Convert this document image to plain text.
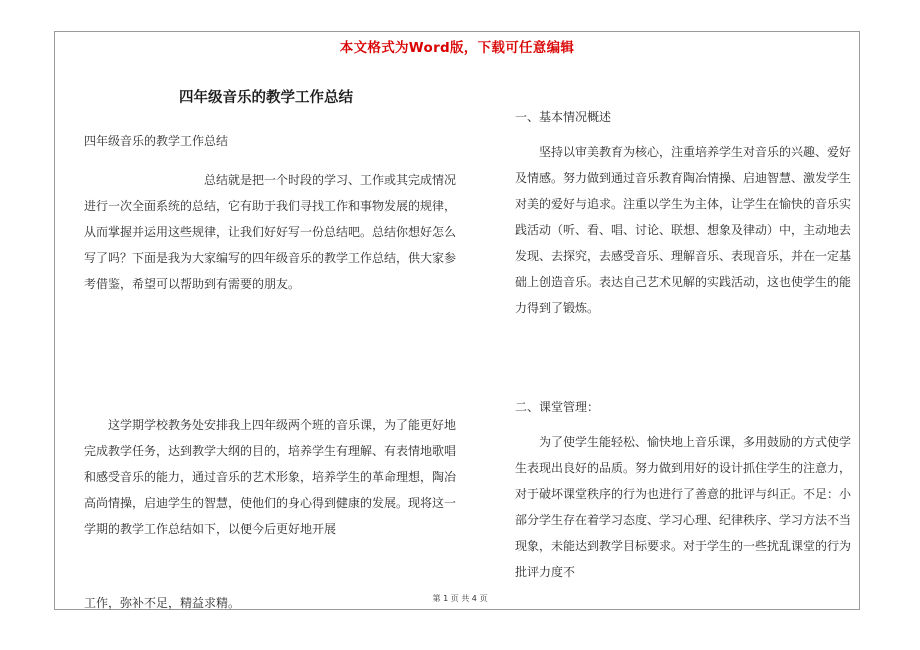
本文格式为Word版，下载可任意编辑
四年级音乐的教学工作总结
四年级音乐的教学工作总结

总结就是把一个时段的学习、工作或其完成情况进行一次全面系统的总结，它有助于我们寻找工作和事物发展的规律，从而掌握并运用这些规律，让我们好好写一份总结吧。总结你想好怎么写了吗？下面是我为大家编写的四年级音乐的教学工作总结，供大家参考借鉴，希望可以帮助到有需要的朋友。

这学期学校教务处安排我上四年级两个班的音乐课，为了能更好地完成教学任务，达到教学大纲的目的，培养学生有理解、有表情地歌唱和感受音乐的能力，通过音乐的艺术形象，培养学生的革命理想，陶冶高尚情操，启迪学生的智慧，使他们的身心得到健康的发展。现将这一学期的教学工作总结如下，以便今后更好地开展

工作，弥补不足，精益求精。
一、基本情况概述

坚持以审美教育为核心，注重培养学生对音乐的兴趣、爱好及情感。努力做到通过音乐教育陶冶情操、启迪智慧、激发学生对美的爱好与追求。注重以学生为主体，让学生在愉快的音乐实践活动（听、看、唱、讨论、联想、想象及律动）中，主动地去发现、去探究，去感受音乐、理解音乐、表现音乐，并在一定基础上创造音乐。表达自己艺术见解的实践活动，这也使学生的能力得到了锻炼。

二、课堂管理：

为了使学生能轻松、愉快地上音乐课，多用鼓励的方式使学生表现出良好的品质。努力做到用好的设计抓住学生的注意力，对于破坏课堂秩序的行为也进行了善意的批评与纠正。不足：小部分学生存在着学习态度、学习心理、纪律秩序、学习方法不当现象，未能达到教学目标要求。对于学生的一些扰乱课堂的行为批评力度不

第 1 页 共 4 页
